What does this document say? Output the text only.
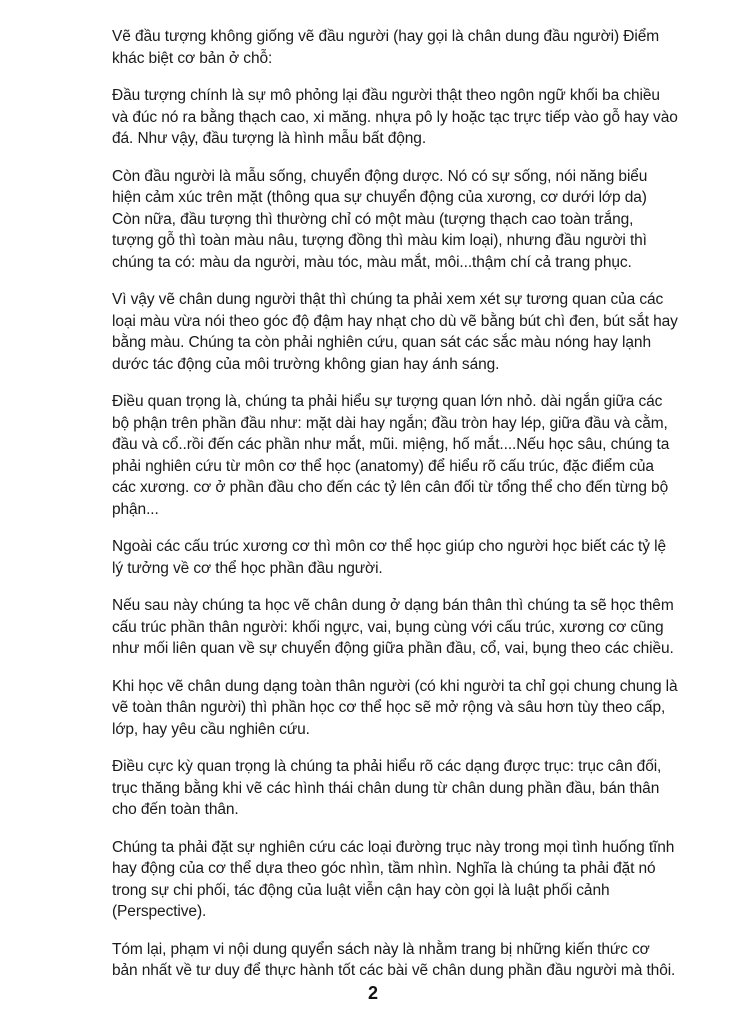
Vẽ đầu tượng không giống vẽ đầu người (hay gọi là chân dung đầu người) Điểm khác biệt cơ bản ở chỗ:

Đầu tượng chính là sự mô phỏng lại đầu người thật theo ngôn ngữ khối ba chiều và đúc nó ra bằng thạch cao, xi măng. nhựa pô ly hoặc tạc trực tiếp vào gỗ hay vào đá. Như vậy, đầu tượng là hình mẫu bất động.

Còn đầu người là mẫu sống, chuyển động dược. Nó có sự sống, nói năng biểu hiện cảm xúc trên mặt (thông qua sự chuyển động của xương, cơ dưới lớp da) Còn nữa, đầu tượng thì thường chỉ có một màu (tượng thạch cao toàn trắng, tượng gỗ thì toàn màu nâu, tượng đồng thì màu kim loại), nhưng đầu người thì chúng ta có: màu da người, màu tóc, màu mắt, môi...thậm chí cả trang phục.

Vì vậy vẽ chân dung người thật thì chúng ta phải xem xét sự tương quan của các loại màu vừa nói theo góc độ đậm hay nhạt cho dù vẽ bằng bút chì đen, bút sắt hay bằng màu. Chúng ta còn phải nghiên cứu, quan sát các sắc màu nóng hay lạnh dước tác động của môi trường không gian hay ánh sáng.

Điều quan trọng là, chúng ta phải hiểu sự tượng quan lớn nhỏ. dài ngắn giữa các bộ phận trên phần đầu như: mặt dài hay ngắn; đầu tròn hay lép, giữa đầu và cằm, đầu và cổ..rồi đến các phần như mắt, mũi. miệng, hố mắt....Nếu học sâu, chúng ta phải nghiên cứu từ môn cơ thể học (anatomy) để hiểu rõ cấu trúc, đặc điểm của các xương. cơ ở phần đầu cho đến các tỷ lên cân đối từ tổng thể cho đến từng bộ phận...

Ngoài các cấu trúc xương cơ thì môn cơ thể học giúp cho người học biết các tỷ lệ lý tưởng về cơ thể học phần đầu người.

Nếu sau này chúng ta học vẽ chân dung ở dạng bán thân thì chúng ta sẽ học thêm cấu trúc phần thân người: khối ngực, vai, bụng cùng với cấu trúc, xương cơ cũng như mối liên quan về sự chuyển động giữa phần đầu, cổ, vai, bụng theo các chiều.

Khi học vẽ chân dung dạng toàn thân người (có khi người ta chỉ gọi chung chung là vẽ toàn thân người) thì phần học cơ thể học sẽ mở rộng và sâu hơn tùy theo cấp, lớp, hay yêu cầu nghiên cứu.

Điều cực kỳ quan trọng là chúng ta phải hiểu rõ các dạng được trục: trục cân đối, trục thăng bằng khi vẽ các hình thái chân dung từ chân dung phần đầu, bán thân cho đến toàn thân.

Chúng ta phải đặt sự nghiên cứu các loại đường trục này trong mọi tình huống tĩnh hay động của cơ thể dựa theo góc nhìn, tầm nhìn. Nghĩa là chúng ta phải đặt nó trong sự chi phối, tác động của luật viễn cận hay còn gọi là luật phối cảnh (Perspective).

Tóm lại, phạm vi nội dung quyển sách này là nhằm trang bị những kiến thức cơ bản nhất về tư duy để thực hành tốt các bài vẽ chân dung phần đầu người mà thôi.

2
